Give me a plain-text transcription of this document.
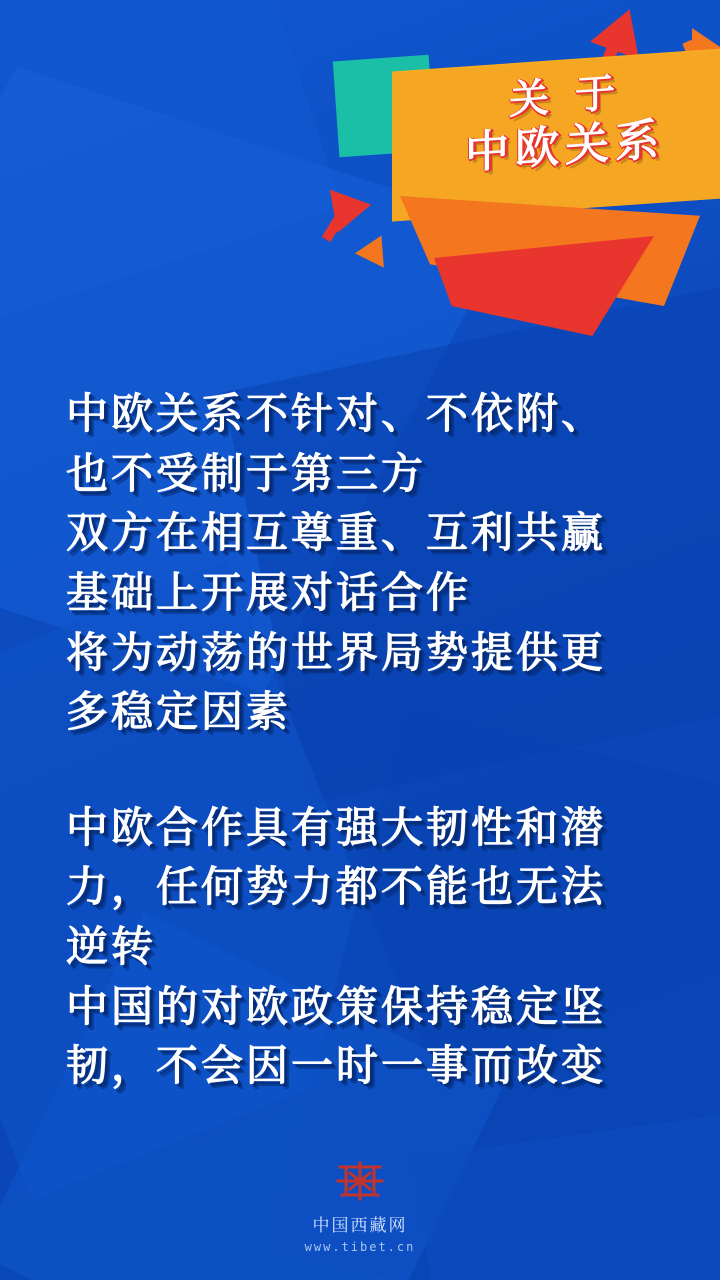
关 于
中欧关系
中欧关系不针对、不依附、
也不受制于第三方
双方在相互尊重、互利共赢
基础上开展对话合作
将为动荡的世界局势提供更
多稳定因素
中欧合作具有强大韧性和潜
力，任何势力都不能也无法
逆转
中国的对欧政策保持稳定坚
韧，不会因一时一事而改变
中国西藏网
www.tibet.cn
